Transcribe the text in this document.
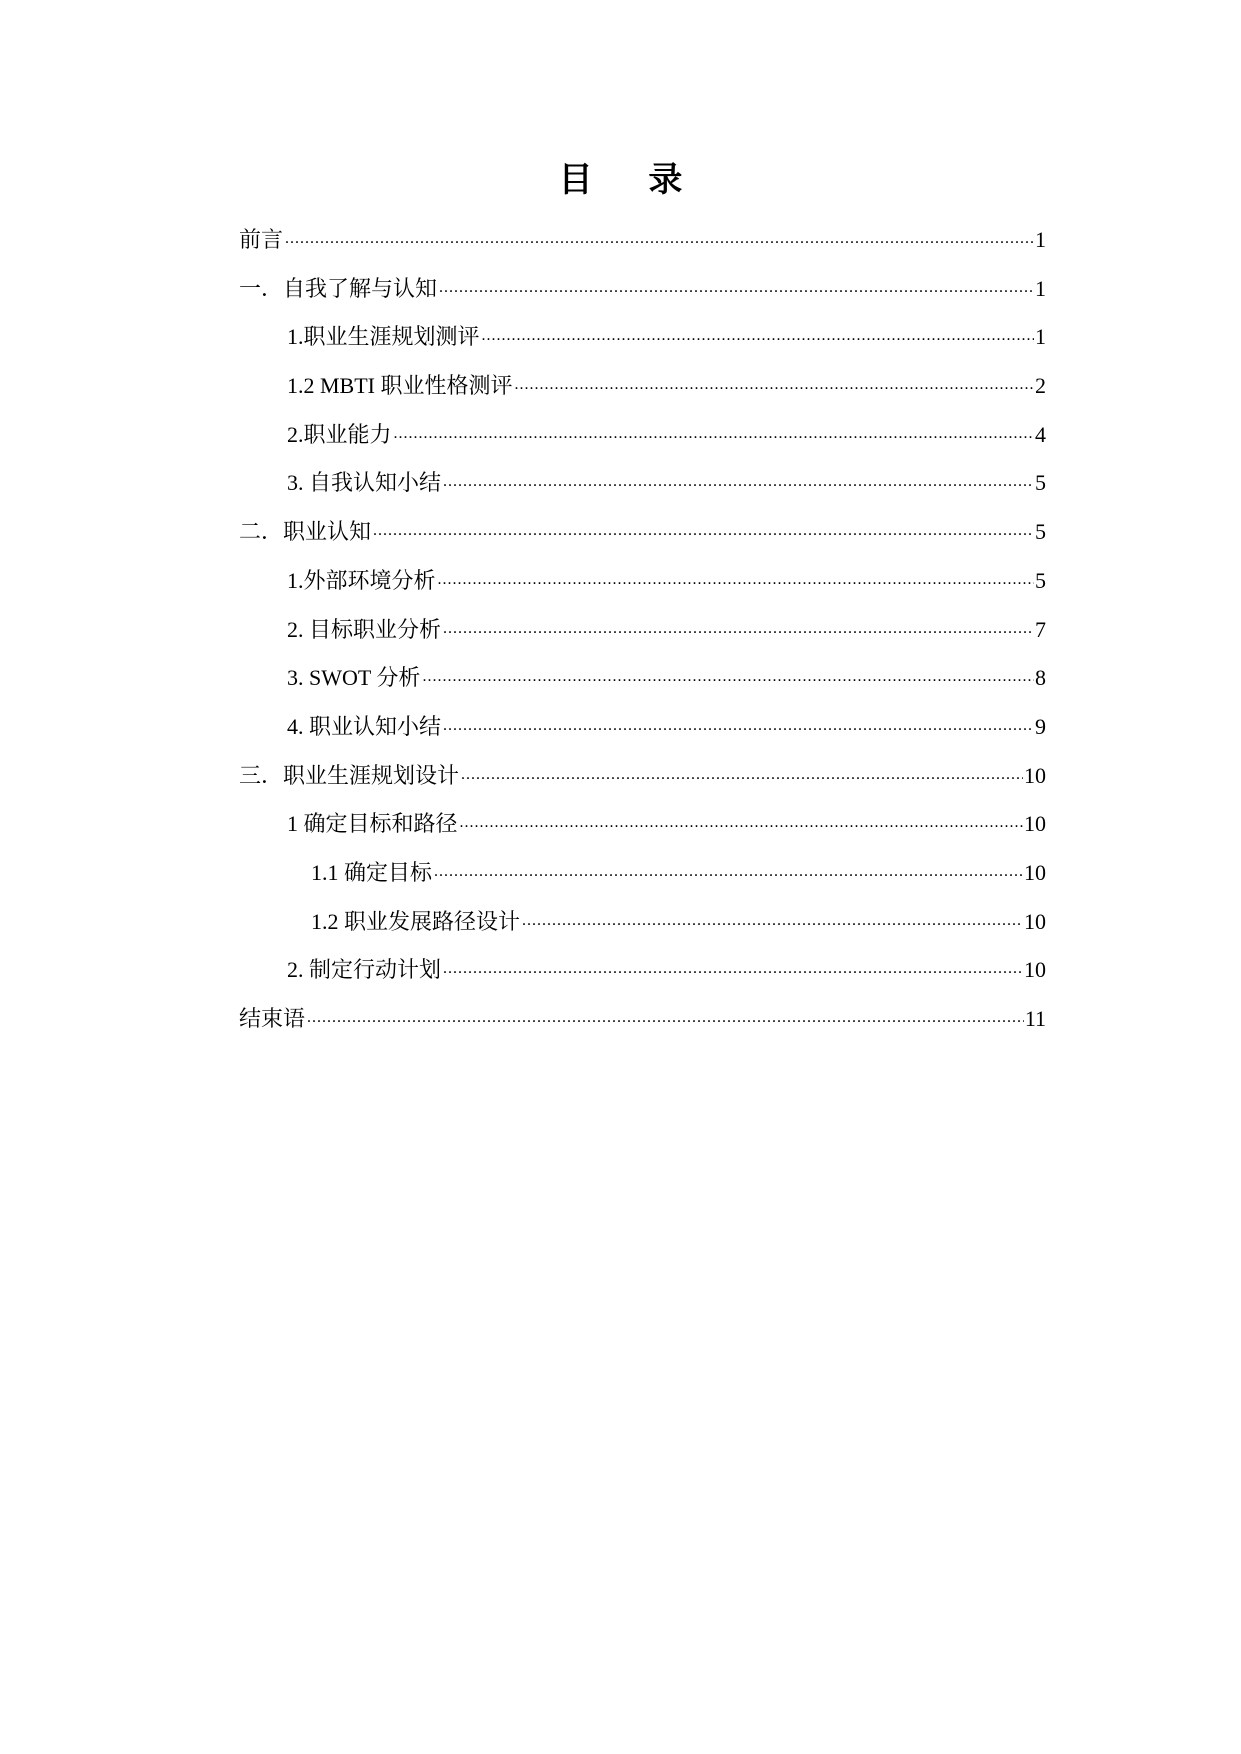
目 录
前言 .....	1
一．自我了解与认知 .....	1
1.职业生涯规划测评 .....	1
1.2 MBTI 职业性格测评 .....	2
2.职业能力 .....	4
3. 自我认知小结 .....	5
二．职业认知 .....	5
1.外部环境分析 .....	5
2. 目标职业分析 .....	7
3. SWOT 分析 .....	8
4. 职业认知小结 .....	9
三．职业生涯规划设计 .....	10
1 确定目标和路径 .....	10
1.1 确定目标 .....	10
1.2 职业发展路径设计 .....	10
2. 制定行动计划 .....	10
结束语 .....	11
